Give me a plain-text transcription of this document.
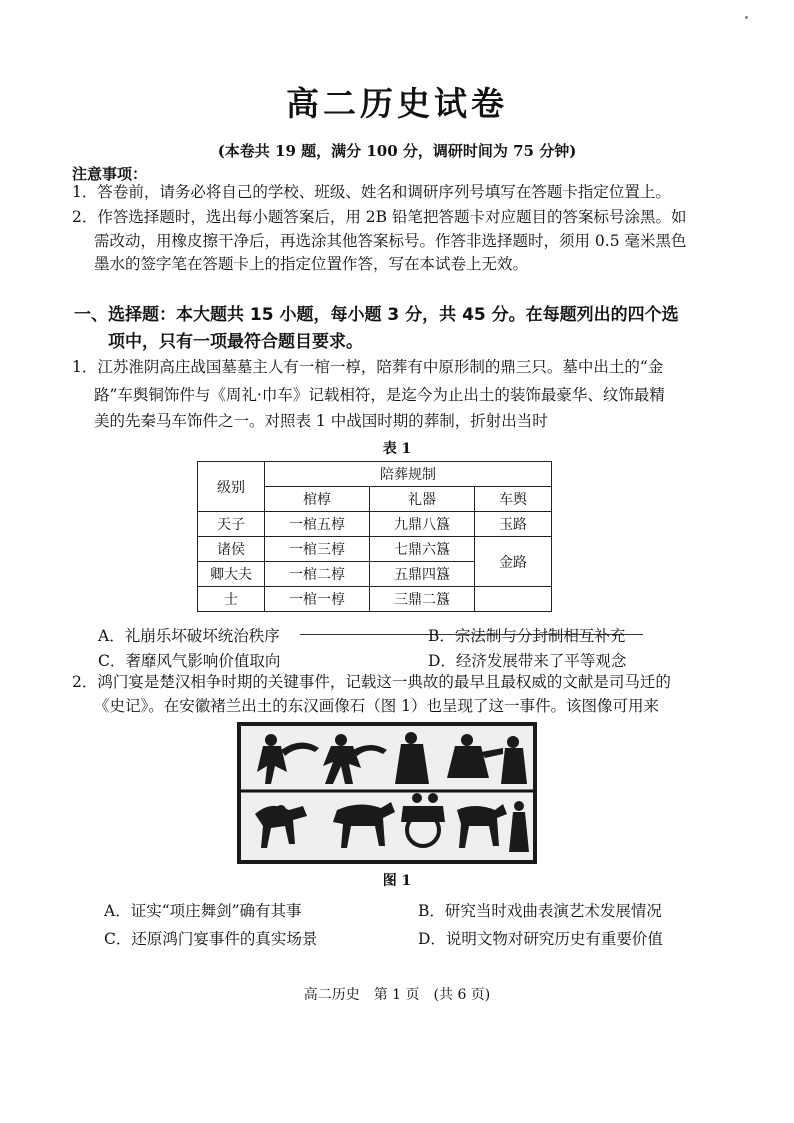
高二历史试卷
(本卷共 19 题，满分 100 分，调研时间为 75 分钟)
注意事项：
1．答卷前，请务必将自己的学校、班级、姓名和调研序列号填写在答题卡指定位置上。
2．作答选择题时，选出每小题答案后，用 2B 铅笔把答题卡对应题目的答案标号涂黑。如
需改动，用橡皮擦干净后，再选涂其他答案标号。作答非选择题时，须用 0.5 毫米黑色
墨水的签字笔在答题卡上的指定位置作答，写在本试卷上无效。
一、选择题：本大题共 15 小题，每小题 3 分，共 45 分。在每题列出的四个选
项中，只有一项最符合题目要求。
1．江苏淮阴高庄战国墓墓主人有一棺一椁，陪葬有中原形制的鼎三只。墓中出土的“金
路”车舆铜饰件与《周礼·巾车》记载相符，是迄今为止出土的装饰最豪华、纹饰最精
美的先秦马车饰件之一。对照表 1 中战国时期的葬制，折射出当时
表 1
级别	陪葬规制		
	棺椁	礼器	车舆
天子	一棺五椁	九鼎八簋	玉路
诸侯	一棺三椁	七鼎六簋	金路
卿大夫	一棺二椁	五鼎四簋	
士	一棺一椁	三鼎二簋	
A．礼崩乐坏破坏统治秩序	B．宗法制与分封制相互补充
C．奢靡风气影响价值取向	D．经济发展带来了平等观念
2．鸿门宴是楚汉相争时期的关键事件，记载这一典故的最早且最权威的文献是司马迁的
《史记》。在安徽褚兰出土的东汉画像石（图 1）也呈现了这一事件。该图像可用来
图 1
A．证实“项庄舞剑”确有其事	B．研究当时戏曲表演艺术发展情况
C．还原鸿门宴事件的真实场景	D．说明文物对研究历史有重要价值
高二历史　第 1 页　(共 6 页)
